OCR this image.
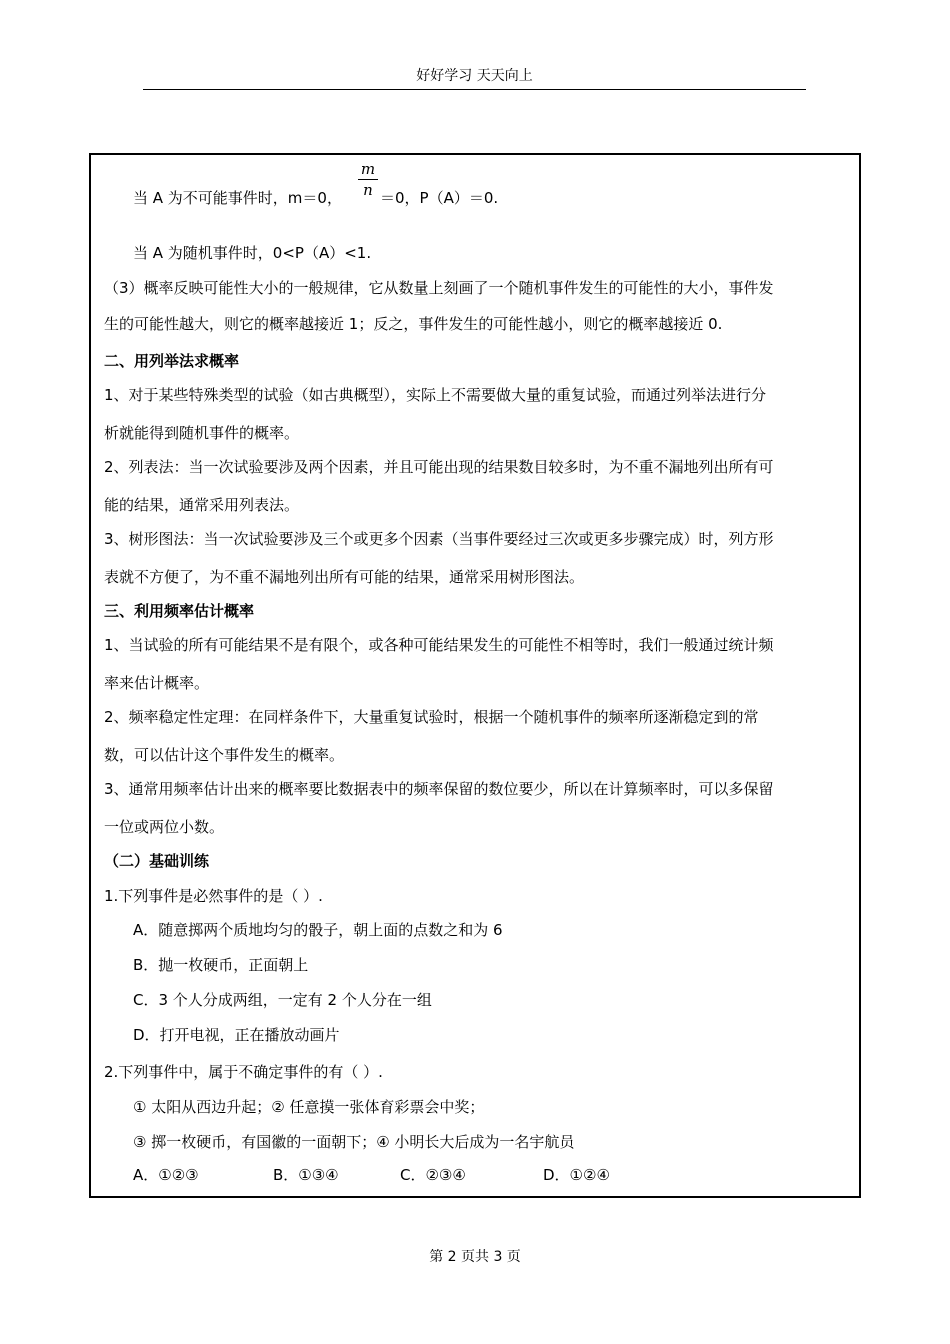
好好学习 天天向上
m
n
当 A 为不可能事件时，m＝0，	＝0，P（A）＝0.
当 A 为随机事件时，0<P（A）<1.
（3）概率反映可能性大小的一般规律，它从数量上刻画了一个随机事件发生的可能性的大小，事件发
生的可能性越大，则它的概率越接近 1；反之，事件发生的可能性越小，则它的概率越接近 0.
二、用列举法求概率
1、对于某些特殊类型的试验（如古典概型），实际上不需要做大量的重复试验，而通过列举法进行分
析就能得到随机事件的概率。
2、列表法：当一次试验要涉及两个因素，并且可能出现的结果数目较多时，为不重不漏地列出所有可
能的结果，通常采用列表法。
3、树形图法：当一次试验要涉及三个或更多个因素（当事件要经过三次或更多步骤完成）时，列方形
表就不方便了，为不重不漏地列出所有可能的结果，通常采用树形图法。
三、利用频率估计概率
1、当试验的所有可能结果不是有限个，或各种可能结果发生的可能性不相等时，我们一般通过统计频
率来估计概率。
2、频率稳定性定理：在同样条件下，大量重复试验时，根据一个随机事件的频率所逐渐稳定到的常
数，可以估计这个事件发生的概率。
3、通常用频率估计出来的概率要比数据表中的频率保留的数位要少，所以在计算频率时，可以多保留
一位或两位小数。
（二）基础训练
1.下列事件是必然事件的是（ ）.
A．随意掷两个质地均匀的骰子，朝上面的点数之和为 6
B．抛一枚硬币，正面朝上
C．3 个人分成两组，一定有 2 个人分在一组
D．打开电视，正在播放动画片
2.下列事件中，属于不确定事件的有（ ）.
① 太阳从西边升起；② 任意摸一张体育彩票会中奖；
③ 掷一枚硬币，有国徽的一面朝下；④ 小明长大后成为一名宇航员
A．①②③	B．①③④	C．②③④	D．①②④
第 2 页共 3 页
